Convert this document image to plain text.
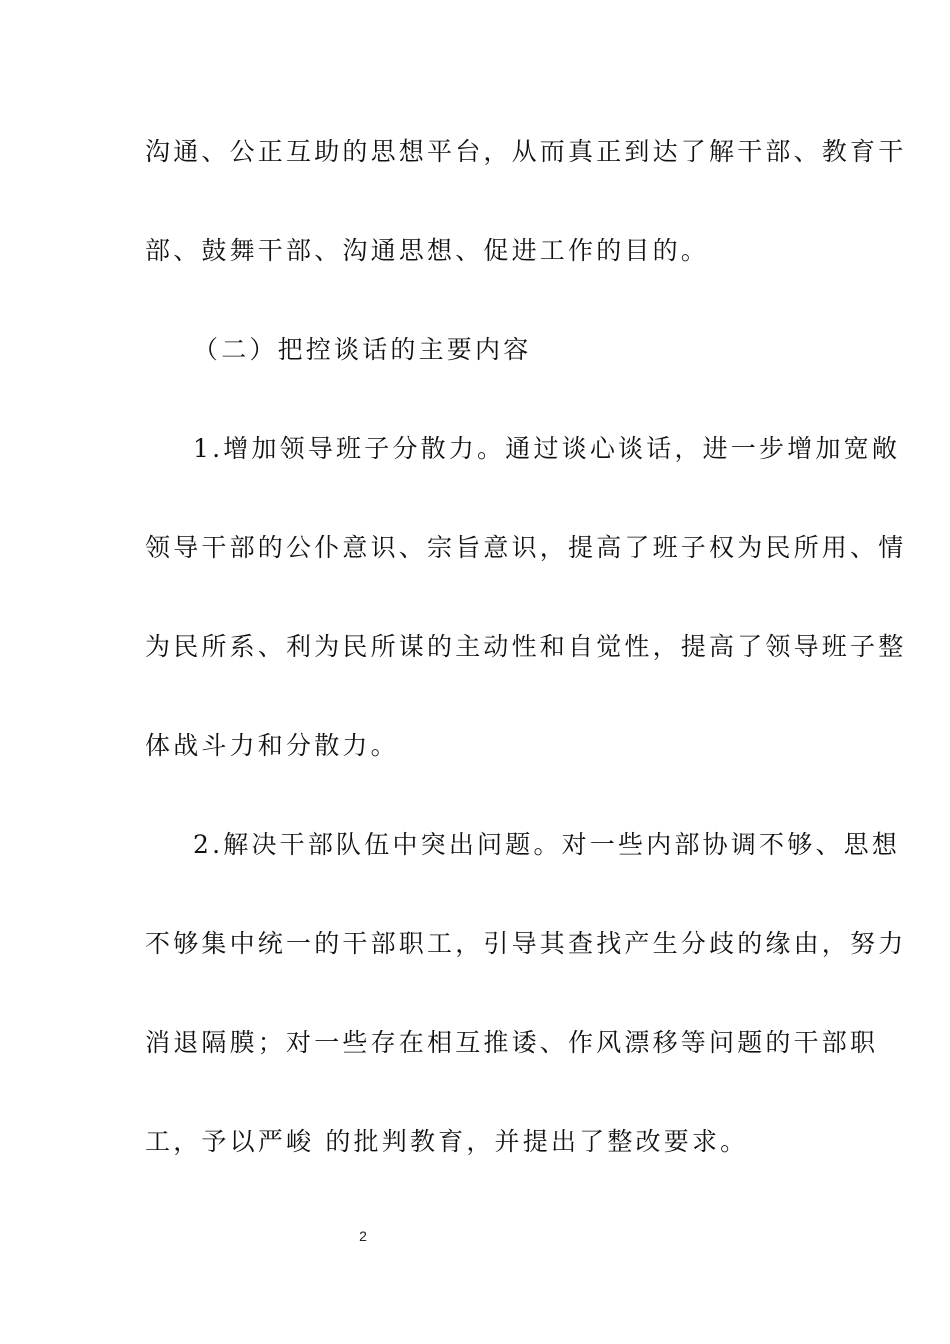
沟通、公正互助的思想平台，从而真正到达了解干部、教育干
部、鼓舞干部、沟通思想、促进工作的目的。
（二）把控谈话的主要内容
1.增加领导班子分散力。通过谈心谈话，进一步增加宽敞
领导干部的公仆意识、宗旨意识，提高了班子权为民所用、情
为民所系、利为民所谋的主动性和自觉性，提高了领导班子整
体战斗力和分散力。
2.解决干部队伍中突出问题。对一些内部协调不够、思想
不够集中统一的干部职工，引导其查找产生分歧的缘由，努力
消退隔膜；对一些存在相互推诿、作风漂移等问题的干部职
工，予以严峻 的批判教育，并提出了整改要求。
2
